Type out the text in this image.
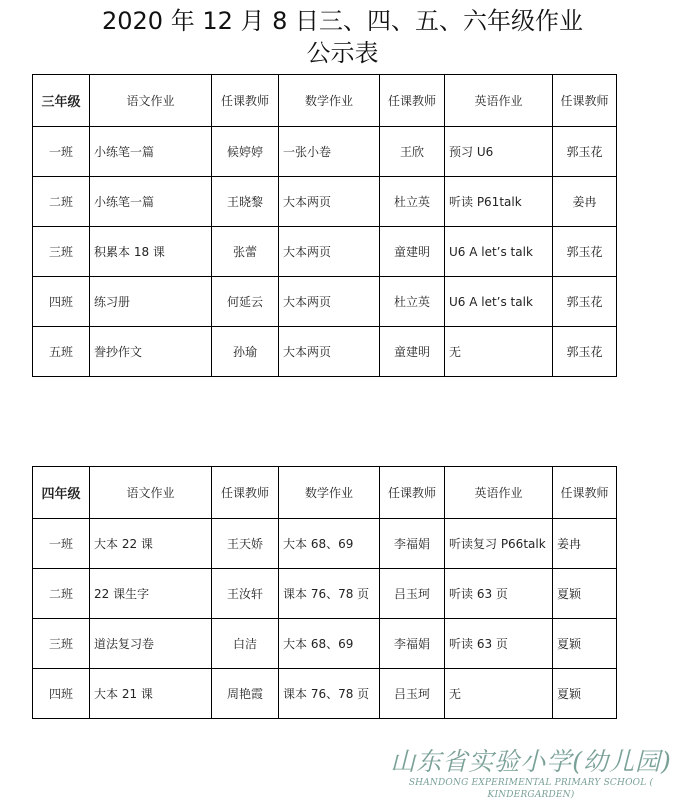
2020 年 12 月 8 日三、四、五、六年级作业
公示表
三年级	语文作业	任课教师	数学作业	任课教师	英语作业	任课教师
一班	小练笔一篇	候婷婷	一张小卷	王欣	预习 U6	郭玉花
二班	小练笔一篇	王晓黎	大本两页	杜立英	听读 P61talk	姜冉
三班	积累本 18 课	张蕾	大本两页	童建明	U6 A let’s talk	郭玉花
四班	练习册	何延云	大本两页	杜立英	U6 A let’s talk	郭玉花
五班	誊抄作文	孙瑜	大本两页	童建明	无	郭玉花
四年级	语文作业	任课教师	数学作业	任课教师	英语作业	任课教师
一班	大本 22 课	王天娇	大本 68、69	李福娟	听读复习 P66talk	姜冉
二班	22 课生字	王汝轩	课本 76、78 页	吕玉珂	听读 63 页	夏颖
三班	道法复习卷	白洁	大本 68、69	李福娟	听读 63 页	夏颖
四班	大本 21 课	周艳霞	课本 76、78 页	吕玉珂	无	夏颖
山东省实验小学(幼儿园)
SHANDONG EXPERIMENTAL PRIMARY SCHOOL ( KINDERGARDEN)
